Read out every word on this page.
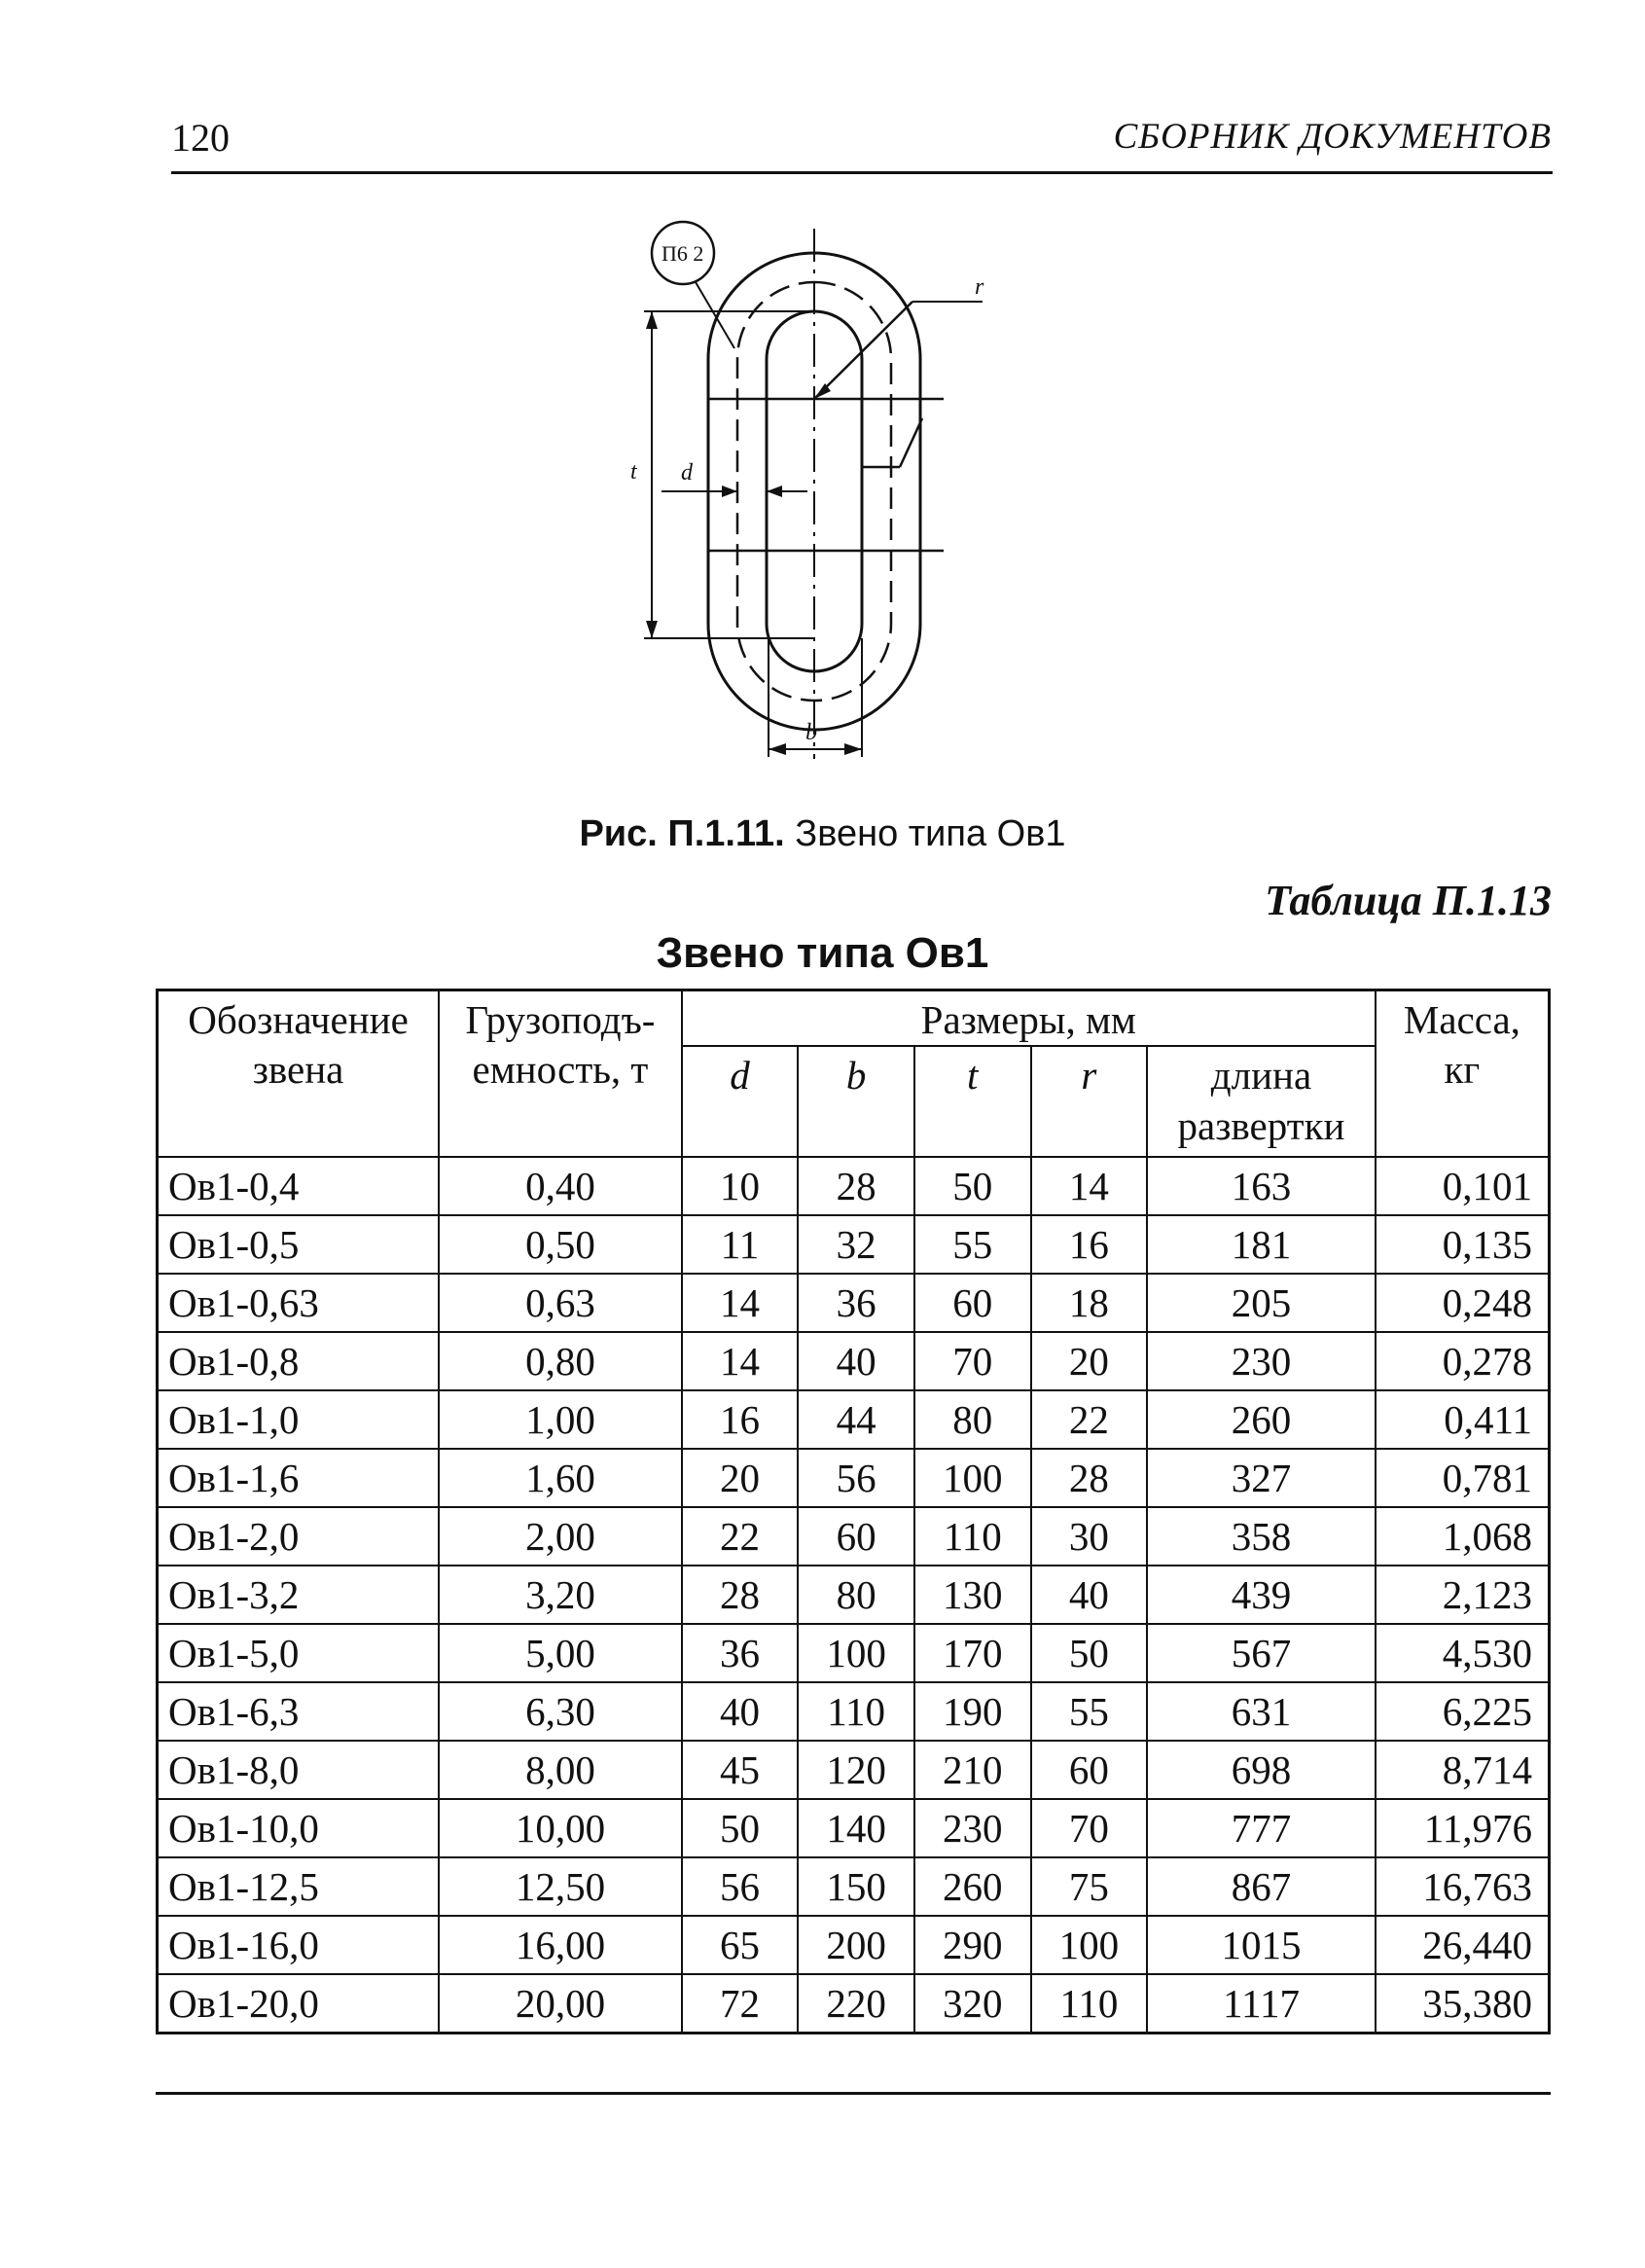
120	СБОРНИК ДОКУМЕНТОВ
П6 2
r
t d
b
Рис. П.1.11. Звено типа Ов1
Таблица П.1.13
Звено типа Ов1
Обозначение звена	Грузоподъ-емность, т	Размеры, мм					Масса, кг
		d	b	t	r	длина развертки	
Ов1-0,4	0,40	10	28	50	14	163	0,101
Ов1-0,5	0,50	11	32	55	16	181	0,135
Ов1-0,63	0,63	14	36	60	18	205	0,248
Ов1-0,8	0,80	14	40	70	20	230	0,278
Ов1-1,0	1,00	16	44	80	22	260	0,411
Ов1-1,6	1,60	20	56	100	28	327	0,781
Ов1-2,0	2,00	22	60	110	30	358	1,068
Ов1-3,2	3,20	28	80	130	40	439	2,123
Ов1-5,0	5,00	36	100	170	50	567	4,530
Ов1-6,3	6,30	40	110	190	55	631	6,225
Ов1-8,0	8,00	45	120	210	60	698	8,714
Ов1-10,0	10,00	50	140	230	70	777	11,976
Ов1-12,5	12,50	56	150	260	75	867	16,763
Ов1-16,0	16,00	65	200	290	100	1015	26,440
Ов1-20,0	20,00	72	220	320	110	1117	35,380
